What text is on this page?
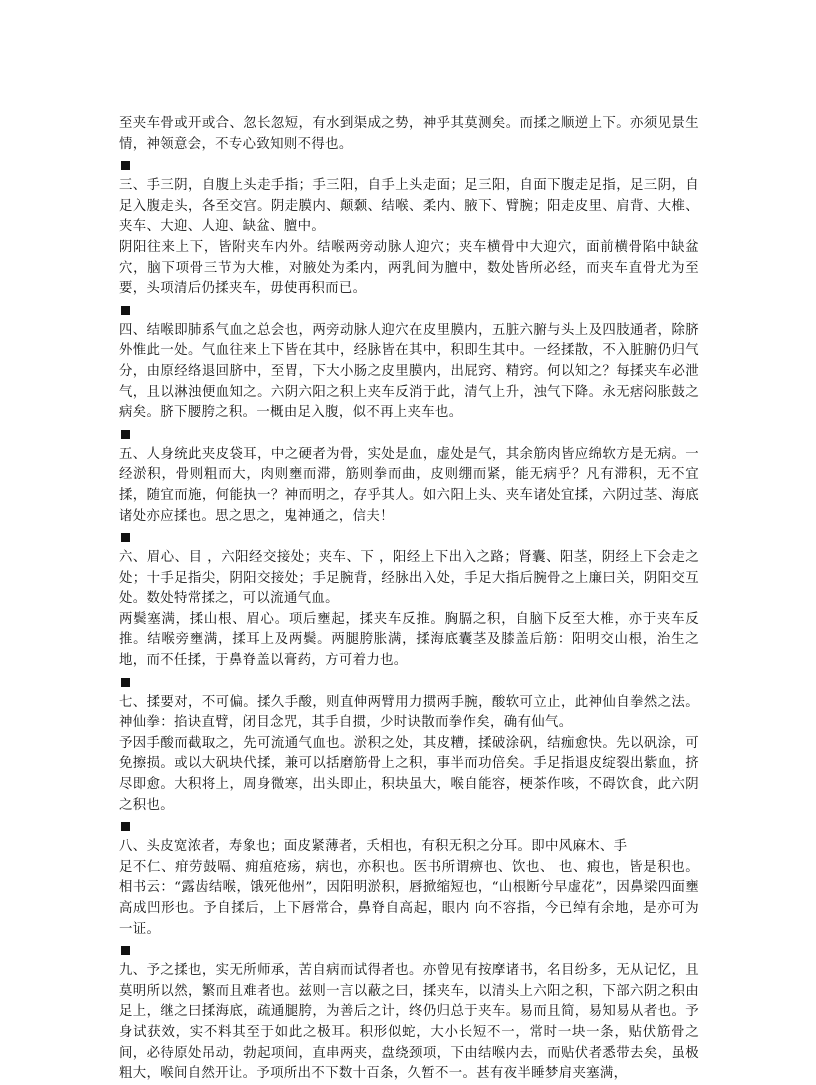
至夹车骨或开或合、忽长忽短，有水到渠成之势，神乎其莫测矣。而揉之顺逆上下。亦须见景生情，神领意会，不专心致知则不得也。

三、手三阴，自腹上头走手指；手三阳，自手上头走面；足三阳，自面下腹走足指，足三阴，自足入腹走头，各至交宫。阴走膜内、颠颡、结喉、柔内、腋下、臂腕；阳走皮里、肩背、大椎、夹车、大迎、人迎、缺盆、膻中。

阴阳往来上下，皆附夹车内外。结喉两旁动脉人迎穴；夹车横骨中大迎穴，面前横骨陷中缺盆穴，脑下项骨三节为大椎，对腋处为柔内，两乳间为膻中，数处皆所必经，而夹车直骨尤为至要，头项清后仍揉夹车，毋使再积而已。

四、结喉即肺系气血之总会也，两旁动脉人迎穴在皮里膜内，五脏六腑与头上及四肢通者，除脐外惟此一处。气血往来上下皆在其中，经脉皆在其中，积即生其中。一经揉散，不入脏腑仍归气分，由原经络退回脐中，至胃，下大小肠之皮里膜内，出屁窍、精窍。何以知之？每揉夹车必泄气，且以淋浊便血知之。六阴六阳之积上夹车反消于此，清气上升，浊气下降。永无痞闷胀鼓之病矣。脐下腰胯之积。一概由足入腹，似不再上夹车也。

五、人身统此夹皮袋耳，中之硬者为骨，实处是血，虚处是气，其余筋肉皆应绵软方是无病。一经淤积，骨则粗而大，肉则壅而滞，筋则拳而曲，皮则绷而紧，能无病乎？凡有滞积，无不宜揉，随宜而施，何能执一？神而明之，存乎其人。如六阳上头、夹车诸处宜揉，六阴过茎、海底诸处亦应揉也。思之思之，鬼神通之，信夫！

六、眉心、目 ，六阳经交接处；夹车、下 ，阳经上下出入之路；肾囊、阳茎，阴经上下会走之处；十手足指尖，阴阳交接处；手足腕背，经脉出入处，手足大指后腕骨之上廉曰关，阴阳交互处。数处特常揉之，可以流通气血。

两鬓塞满，揉山根、眉心。项后壅起，揉夹车反推。胸膈之积，自脑下反至大椎，亦于夹车反推。结喉旁壅满，揉耳上及两鬓。两腿胯胀满，揉海底囊茎及膝盖后筋：阳明交山根，治生之地，而不任揉，于鼻脊盖以膏药，方可着力也。

七、揉要对，不可偏。揉久手酸，则直伸两臂用力掼两手腕，酸软可立止，此神仙自拳然之法。神仙拳：掐诀直臂，闭目念咒，其手自掼，少时诀散而拳作矣，确有仙气。

予因手酸而截取之，先可流通气血也。淤积之处，其皮糟，揉破涂矾，结痂愈快。先以矾涂，可免擦损。或以大矾块代揉，兼可以括磨筋骨上之积，事半而功倍矣。手足指退皮绽裂出紫血，挤尽即愈。大积将上，周身微寒，出头即止，积块虽大，喉自能容，梗茶作咳，不碍饮食，此六阴之积也。

八、头皮宽浓者，寿象也；面皮紧薄者，夭相也，有积无积之分耳。即中风麻木、手

足不仁、疳劳鼓嗝、痈疽疮疡，病也，亦积也。医书所谓痹也、饮也、 也、瘕也，皆是积也。相书云：“露齿结喉，饿死他州”，因阳明淤积，唇掀缩短也，“山根断兮早虚花”，因鼻梁四面壅高成凹形也。予自揉后，上下唇常合，鼻脊自高起，眼内 向不容指，今已绰有余地，是亦可为一证。

九、予之揉也，实无所师承，苦自病而试得者也。亦曾见有按摩诸书，名目纷多，无从记忆，且莫明所以然，繁而且难者也。兹则一言以蔽之曰，揉夹车，以清头上六阳之积，下部六阴之积由足上，继之曰揉海底，疏通腿胯，为善后之计，终仍归总于夹车。易而且简，易知易从者也。予身试获效，实不料其至于如此之极耳。积形似蛇，大小长短不一，常时一块一条，贴伏筋骨之间，必待原处吊动，勃起项间，直串两夹，盘绕颈项，下由结喉内去，而贴伏者悉带去矣，虽极粗大，喉间自然开让。予项所出不下数十百条，久暂不一。甚有夜半睡梦肩夹塞满，
